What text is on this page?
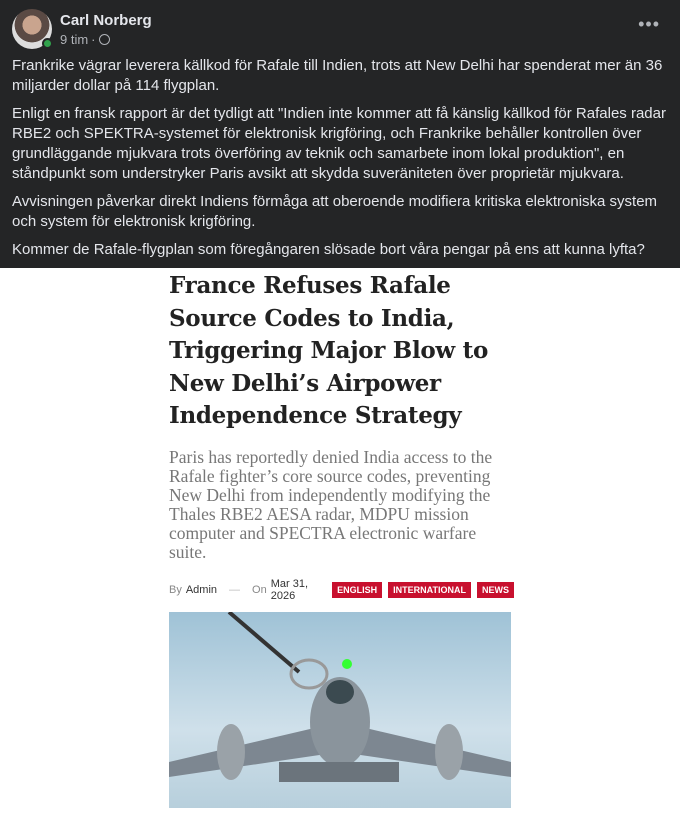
Carl Norberg
9 tim ·
•••

Frankrike vägrar leverera källkod för Rafale till Indien, trots att New Delhi har spenderat mer än 36 miljarder dollar på 114 flygplan.

Enligt en fransk rapport är det tydligt att "Indien inte kommer att få känslig källkod för Rafales radar RBE2 och SPEKTRA-systemet för elektronisk krigföring, och Frankrike behåller kontrollen över grundläggande mjukvara trots överföring av teknik och samarbete inom lokal produktion", en ståndpunkt som understryker Paris avsikt att skydda suveräniteten över proprietär mjukvara.

Avvisningen påverkar direkt Indiens förmåga att oberoende modifiera kritiska elektroniska system och system för elektronisk krigföring.

Kommer de Rafale-flygplan som föregångaren slösade bort våra pengar på ens att kunna lyfta?

France Refuses Rafale Source Codes to India, Triggering Major Blow to New Delhi’s Airpower Independence Strategy
Paris has reportedly denied India access to the Rafale fighter’s core source codes, preventing New Delhi from independently modifying the Thales RBE2 AESA radar, MDPU mission computer and SPECTRA electronic warfare suite.
By Admin — On Mar 31, 2026	ENGLISH	INTERNATIONAL	NEWS
